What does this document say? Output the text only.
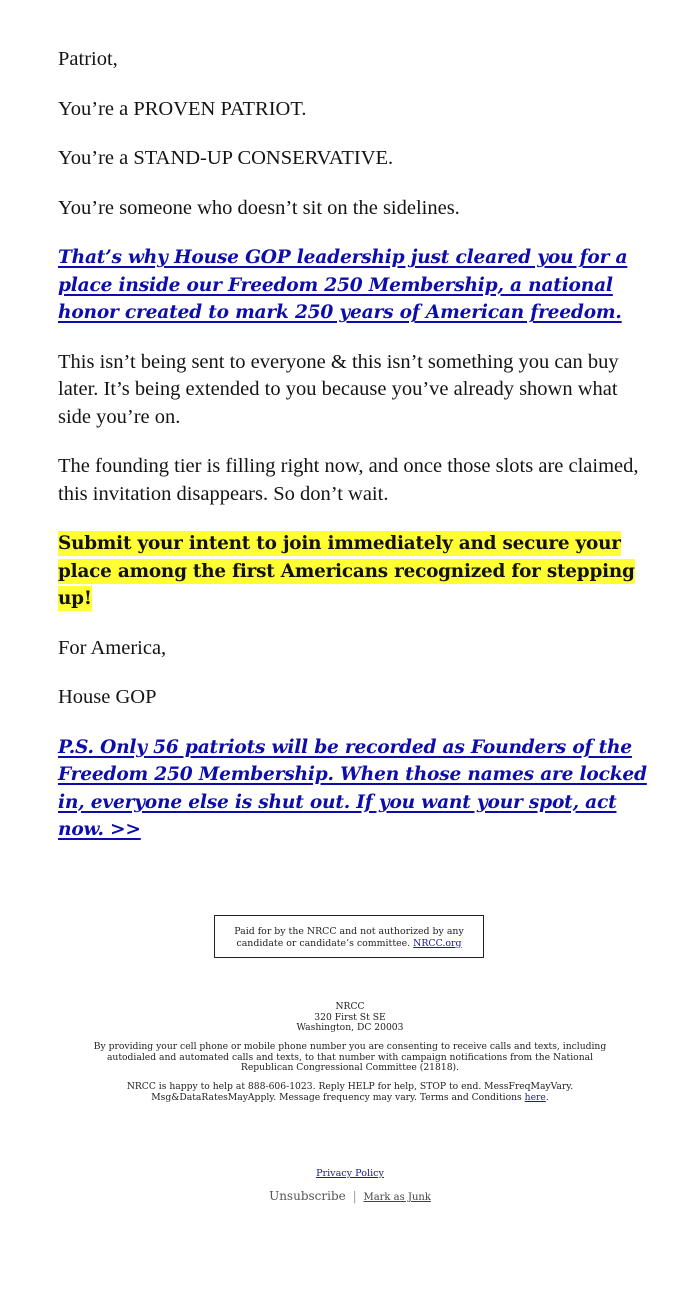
Patriot,

You’re a PROVEN PATRIOT.

You’re a STAND-UP CONSERVATIVE.

You’re someone who doesn’t sit on the sidelines.

That’s why House GOP leadership just cleared you for a place inside our Freedom 250 Membership, a national honor created to mark 250 years of American freedom.

This isn’t being sent to everyone & this isn’t something you can buy later. It’s being extended to you because you’ve already shown what side you’re on.

The founding tier is filling right now, and once those slots are claimed, this invitation disappears. So don’t wait.

Submit your intent to join immediately and secure your place among the first Americans recognized for stepping up!

For America,

House GOP

P.S. Only 56 patriots will be recorded as Founders of the Freedom 250 Membership. When those names are locked in, everyone else is shut out. If you want your spot, act now. >>
Paid for by the NRCC and not authorized by any candidate or candidate’s committee. NRCC.org
NRCC
320 First St SE
Washington, DC 20003
By providing your cell phone or mobile phone number you are consenting to receive calls and texts, including autodialed and automated calls and texts, to that number with campaign notifications from the National Republican Congressional Committee (21818).
NRCC is happy to help at 888-606-1023. Reply HELP for help, STOP to end. MessFreqMayVary. Msg&DataRatesMayApply. Message frequency may vary. Terms and Conditions here.
Privacy Policy
Unsubscribe | Mark as Junk
